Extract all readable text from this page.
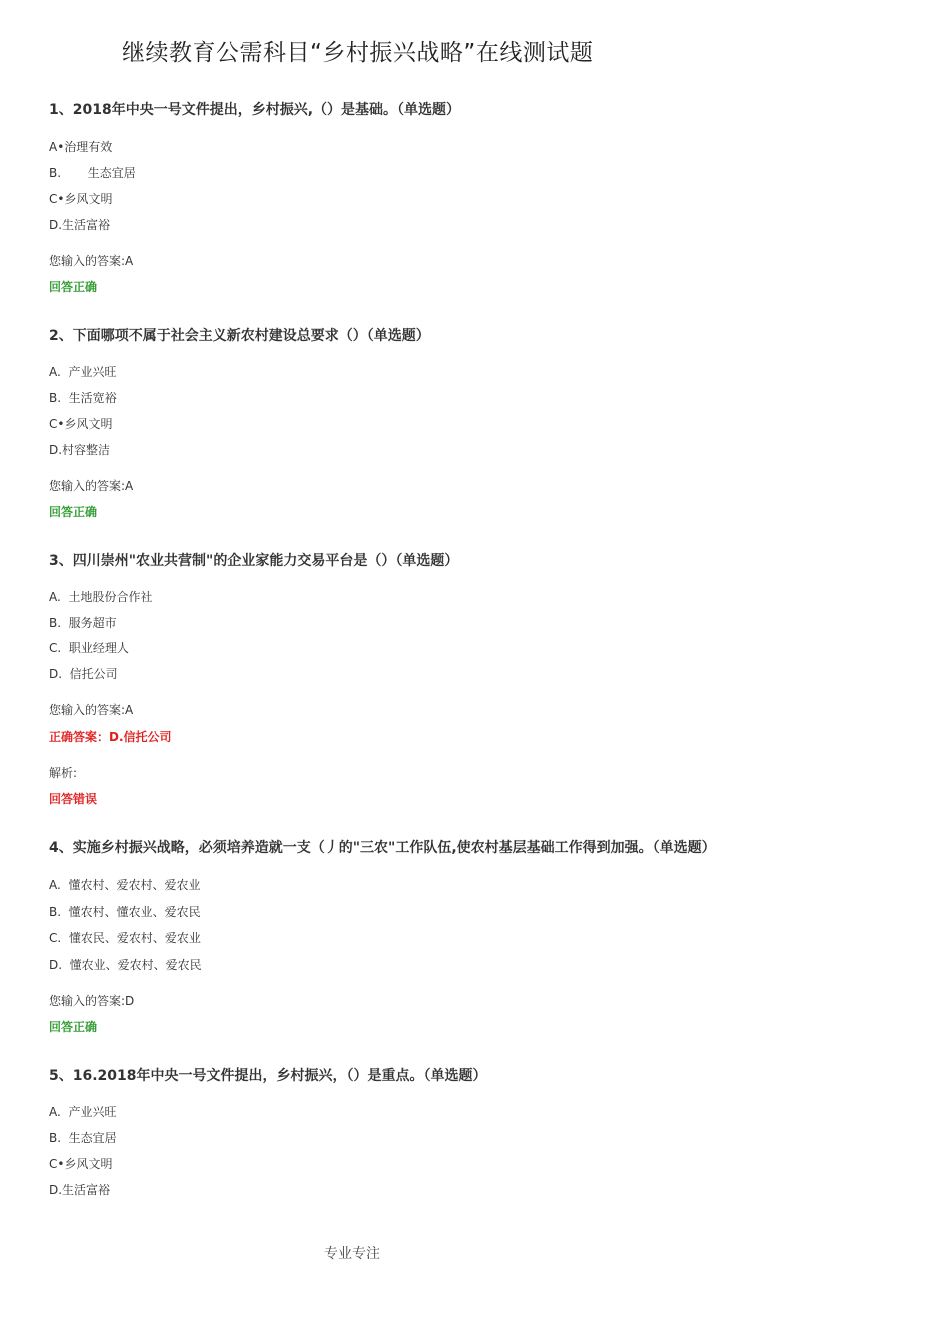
继续教育公需科目“乡村振兴战略”在线测试题
1、2018年中央一号文件提出，乡村振兴,（）是基础。（单选题）
A•治理有效
B.       生态宜居
C•乡风文明
D.生活富裕
您输入的答案:A
回答正确
2、下面哪项不属于社会主义新农村建设总要求（）（单选题）
A.  产业兴旺
B.  生活宽裕
C•乡风文明
D.村容整洁
您输入的答案:A
回答正确
3、四川崇州"农业共营制"的企业家能力交易平台是（）（单选题）
A.  土地股份合作社
B.  服务超市
C.  职业经理人
D.  信托公司
您输入的答案:A
正确答案：D.信托公司
解析:
回答错误
4、实施乡村振兴战略，必须培养造就一支（丿的"三农"工作队伍,使农村基层基础工作得到加强。（单选题）
A.  懂农村、爱农村、爱农业
B.  懂农村、懂农业、爱农民
C.  懂农民、爱农村、爱农业
D.  懂农业、爱农村、爱农民
您输入的答案:D
回答正确
5、16.2018年中央一号文件提出，乡村振兴，（）是重点。（单选题）
A.  产业兴旺
B.  生态宜居
C•乡风文明
D.生活富裕
专业专注
